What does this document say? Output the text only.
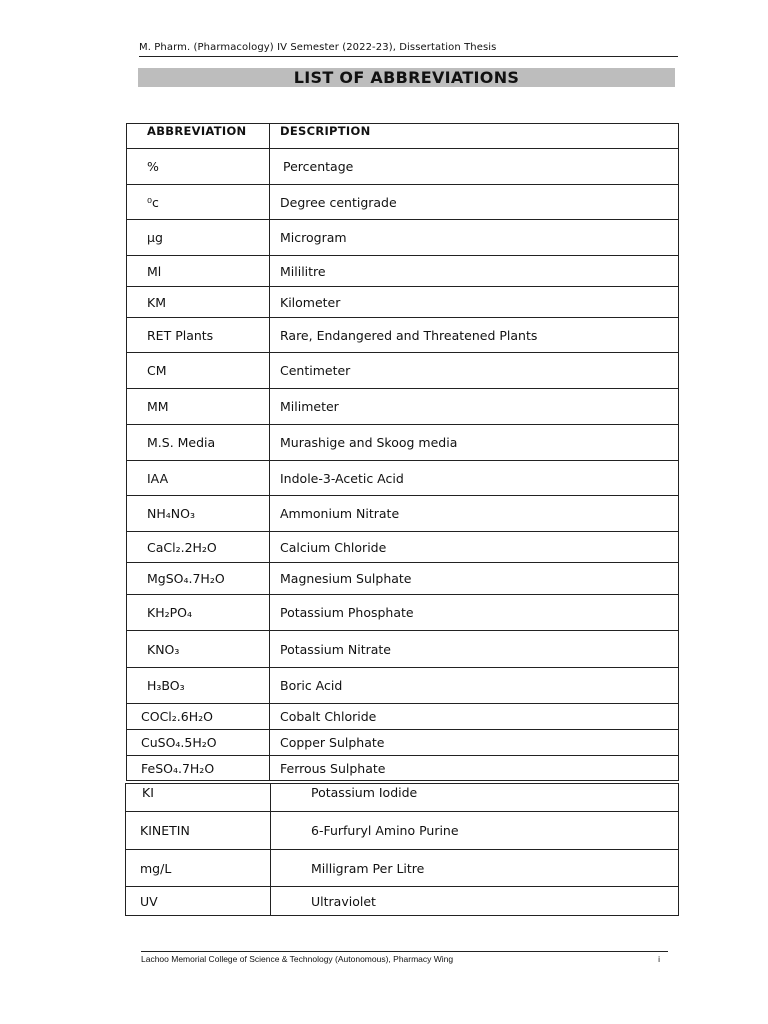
M. Pharm. (Pharmacology) IV Semester (2022-23), Dissertation Thesis
LIST OF ABBREVIATIONS
ABBREVIATION	DESCRIPTION
%	Percentage
⁰c	Degree centigrade
µg	Microgram
Ml	Mililitre
KM	Kilometer
RET Plants	Rare, Endangered and Threatened Plants
CM	Centimeter
MM	Milimeter
M.S. Media	Murashige and Skoog media
IAA	Indole-3-Acetic Acid
NH₄NO₃	Ammonium Nitrate
CaCl₂.2H₂O	Calcium Chloride
MgSO₄.7H₂O	Magnesium Sulphate
KH₂PO₄	Potassium Phosphate
KNO₃	Potassium Nitrate
H₃BO₃	Boric Acid
COCl₂.6H₂O	Cobalt Chloride
CuSO₄.5H₂O	Copper Sulphate
FeSO₄.7H₂O	Ferrous Sulphate
KI	Potassium Iodide
KINETIN	6-Furfuryl Amino Purine
mg/L	Milligram Per Litre
UV	Ultraviolet
Lachoo Memorial College of Science & Technology (Autonomous), Pharmacy Wing	i
